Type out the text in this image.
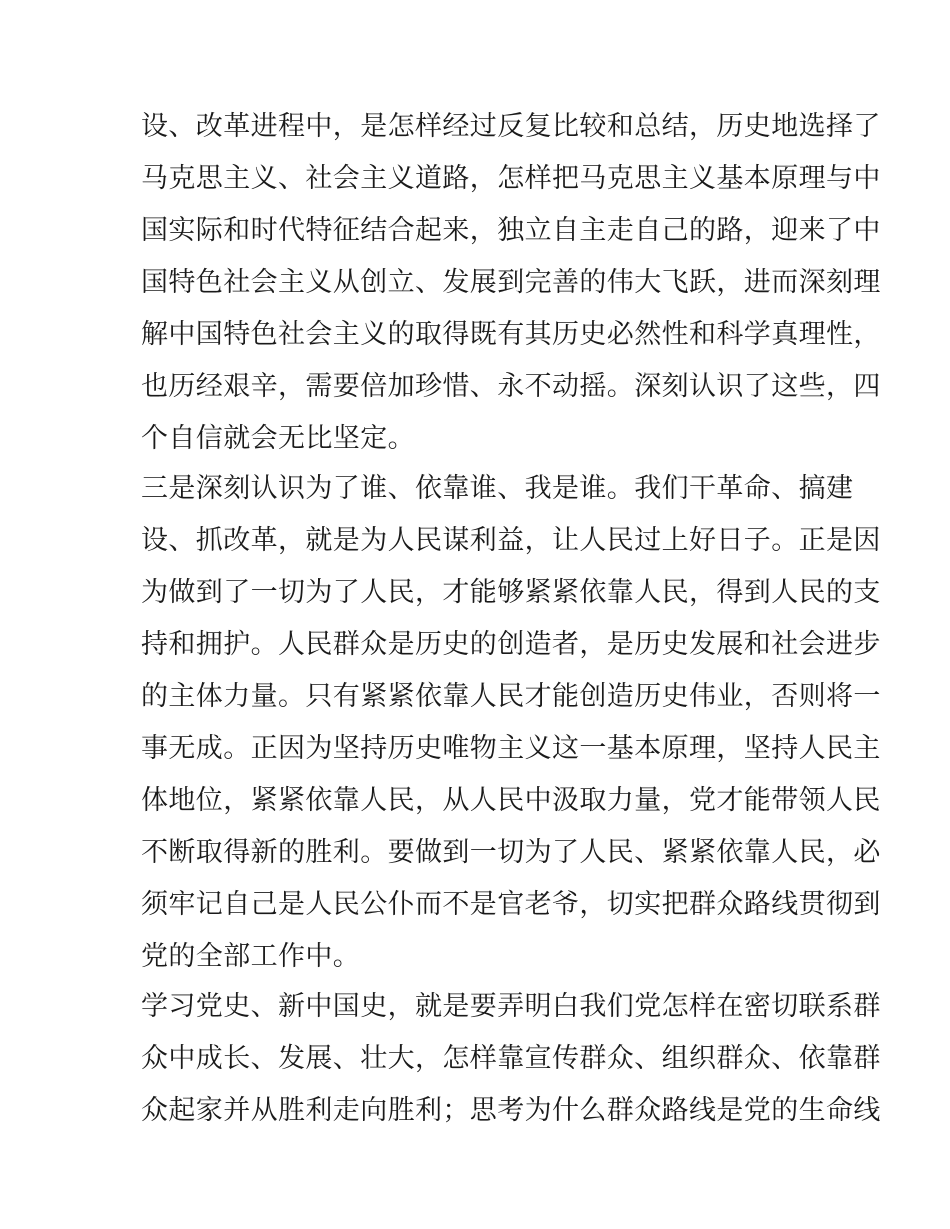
设、改革进程中，是怎样经过反复比较和总结，历史地选择了
马克思主义、社会主义道路，怎样把马克思主义基本原理与中
国实际和时代特征结合起来，独立自主走自己的路，迎来了中
国特色社会主义从创立、发展到完善的伟大飞跃，进而深刻理
解中国特色社会主义的取得既有其历史必然性和科学真理性，
也历经艰辛，需要倍加珍惜、永不动摇。深刻认识了这些，四
个自信就会无比坚定。
三是深刻认识为了谁、依靠谁、我是谁。我们干革命、搞建
设、抓改革，就是为人民谋利益，让人民过上好日子。正是因
为做到了一切为了人民，才能够紧紧依靠人民，得到人民的支
持和拥护。人民群众是历史的创造者，是历史发展和社会进步
的主体力量。只有紧紧依靠人民才能创造历史伟业，否则将一
事无成。正因为坚持历史唯物主义这一基本原理，坚持人民主
体地位，紧紧依靠人民，从人民中汲取力量，党才能带领人民
不断取得新的胜利。要做到一切为了人民、紧紧依靠人民，必
须牢记自己是人民公仆而不是官老爷，切实把群众路线贯彻到
党的全部工作中。
学习党史、新中国史，就是要弄明白我们党怎样在密切联系群
众中成长、发展、壮大，怎样靠宣传群众、组织群众、依靠群
众起家并从胜利走向胜利；思考为什么群众路线是党的生命线
